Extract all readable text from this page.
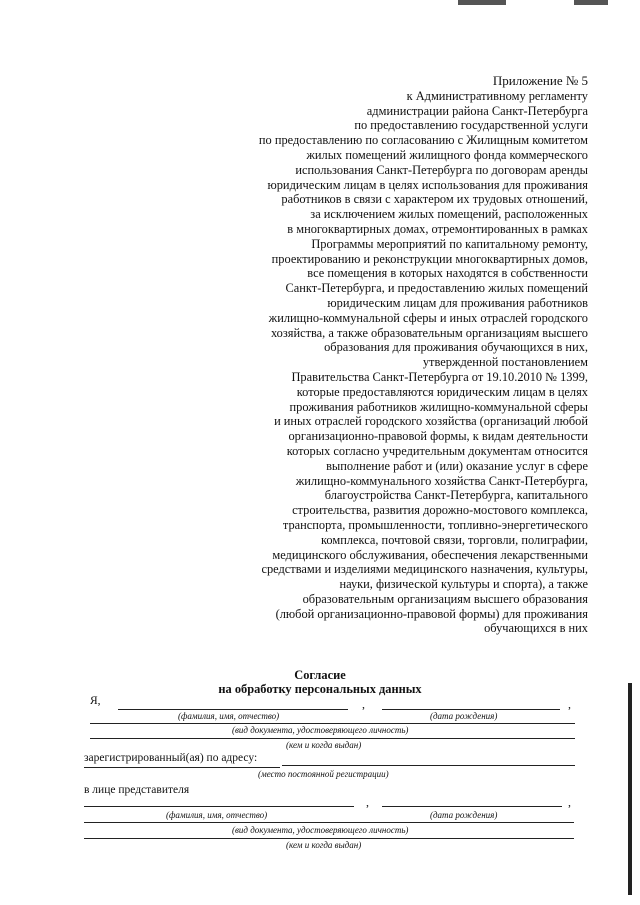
Приложение № 5
к Административному регламенту
администрации района Санкт-Петербурга
по предоставлению государственной услуги
по предоставлению по согласованию с Жилищным комитетом
жилых помещений жилищного фонда коммерческого
использования Санкт-Петербурга по договорам аренды
юридическим лицам в целях использования для проживания
работников в связи с характером их трудовых отношений,
за исключением жилых помещений, расположенных
в многоквартирных домах, отремонтированных в рамках
Программы мероприятий по капитальному ремонту,
проектированию и реконструкции многоквартирных домов,
все помещения в которых находятся в собственности
Санкт-Петербурга, и предоставлению жилых помещений
юридическим лицам для проживания работников
жилищно-коммунальной сферы и иных отраслей городского
хозяйства, а также образовательным организациям высшего
образования для проживания обучающихся в них,
утвержденной постановлением
Правительства Санкт-Петербурга от 19.10.2010 № 1399,
которые предоставляются юридическим лицам в целях
проживания работников жилищно-коммунальной сферы
и иных отраслей городского хозяйства (организаций любой
организационно-правовой формы, к видам деятельности
которых согласно учредительным документам относится
выполнение работ и (или) оказание услуг в сфере
жилищно-коммунального хозяйства Санкт-Петербурга,
благоустройства Санкт-Петербурга, капитального
строительства, развития дорожно-мостового комплекса,
транспорта, промышленности, топливно-энергетического
комплекса, почтовой связи, торговли, полиграфии,
медицинского обслуживания, обеспечения лекарственными
средствами и изделиями медицинского назначения, культуры,
науки, физической культуры и спорта), а также
образовательным организациям высшего образования
(любой организационно-правовой формы) для проживания
обучающихся в них
Согласие
на обработку персональных данных
Я,	,	,
(фамилия, имя, отчество)	(дата рождения)
(вид документа, удостоверяющего личность)
(кем и когда выдан)
зарегистрированный(ая) по адресу:
(место постоянной регистрации)
в лице представителя
,	,
(фамилия, имя, отчество)	(дата рождения)
(вид документа, удостоверяющего личность)
(кем и когда выдан)
